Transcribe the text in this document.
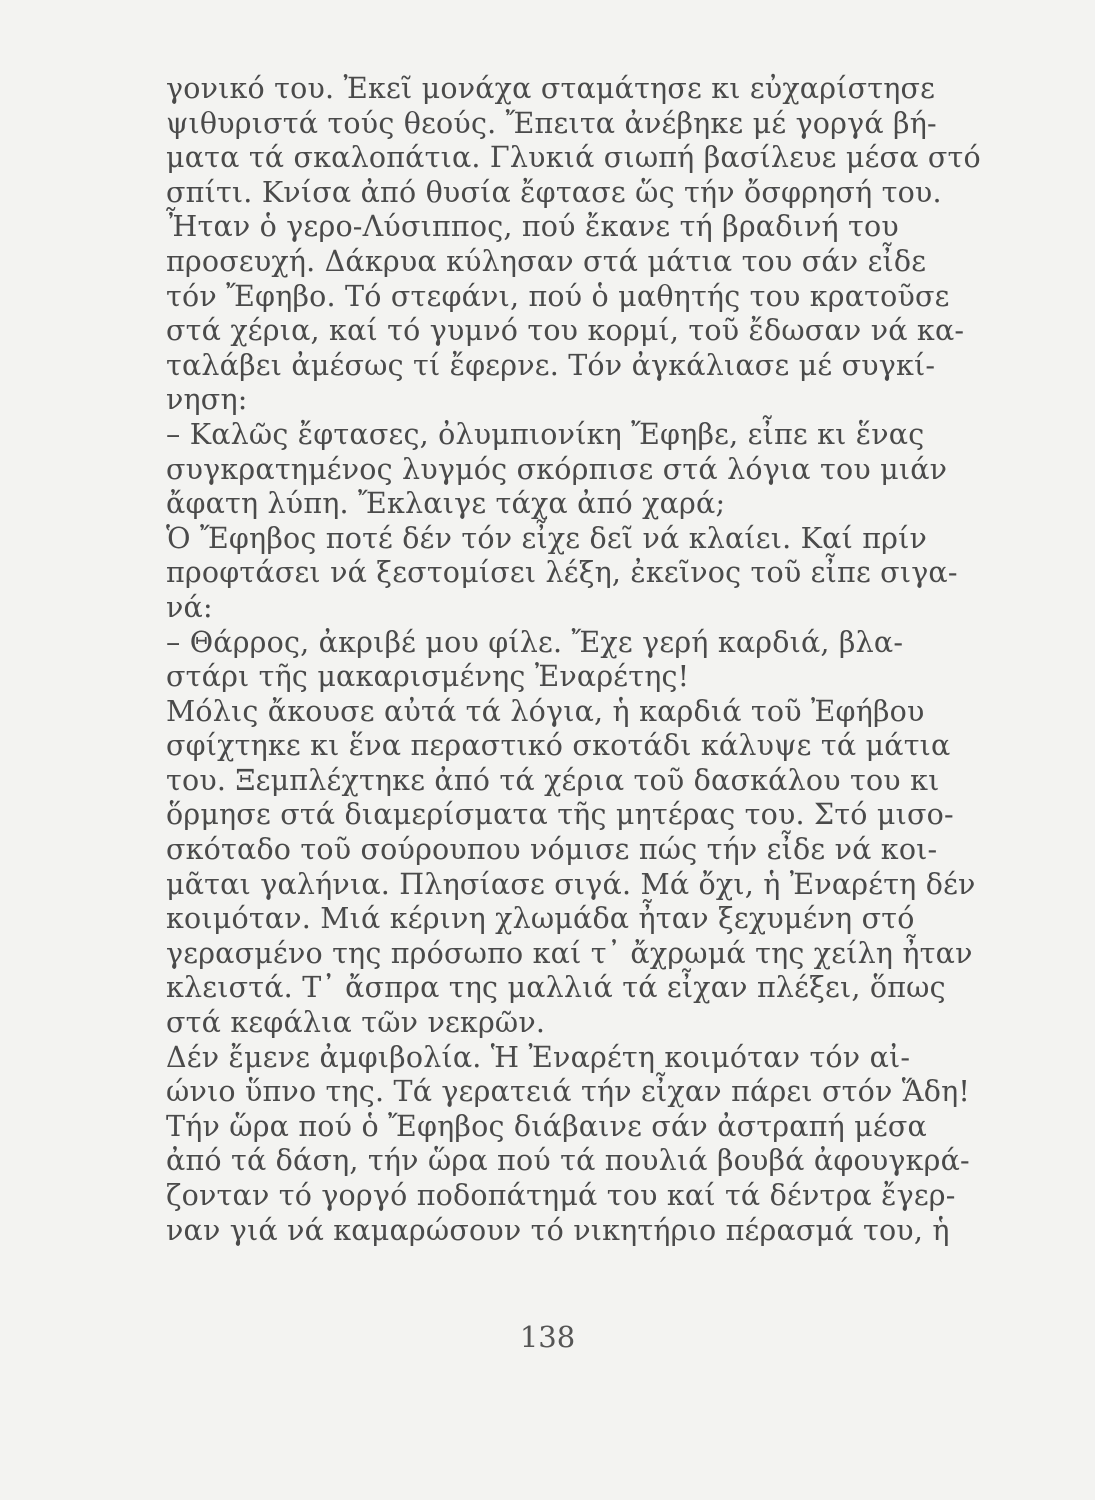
γονικό του. Ἐκεῖ μονάχα σταμάτησε κι εὐχαρίστησε
ψιθυριστά τούς θεούς. Ἔπειτα ἀνέβηκε μέ γοργά βή-
ματα τά σκαλοπάτια. Γλυκιά σιωπή βασίλευε μέσα στό
σπίτι. Κνίσα ἀπό θυσία ἔφτασε ὥς τήν ὄσφρησή του.
Ἦταν ὁ γερο-Λύσιππος, πού ἔκανε τή βραδινή του
προσευχή. Δάκρυα κύλησαν στά μάτια του σάν εἶδε
τόν Ἔφηβο. Τό στεφάνι, πού ὁ μαθητής του κρατοῦσε
στά χέρια, καί τό γυμνό του κορμί, τοῦ ἔδωσαν νά κα-
ταλάβει ἀμέσως τί ἔφερνε. Τόν ἀγκάλιασε μέ συγκί-
νηση:
– Καλῶς ἔφτασες, ὀλυμπιονίκη Ἔφηβε, εἶπε κι ἕνας
συγκρατημένος λυγμός σκόρπισε στά λόγια του μιάν
ἄφατη λύπη. Ἔκλαιγε τάχα ἀπό χαρά;
Ὁ Ἔφηβος ποτέ δέν τόν εἶχε δεῖ νά κλαίει. Καί πρίν
προφτάσει νά ξεστομίσει λέξη, ἐκεῖνος τοῦ εἶπε σιγα-
νά:
– Θάρρος, ἀκριβέ μου φίλε. Ἔχε γερή καρδιά, βλα-
στάρι τῆς μακαρισμένης Ἐναρέτης!
Μόλις ἄκουσε αὐτά τά λόγια, ἡ καρδιά τοῦ Ἐφήβου
σφίχτηκε κι ἕνα περαστικό σκοτάδι κάλυψε τά μάτια
του. Ξεμπλέχτηκε ἀπό τά χέρια τοῦ δασκάλου του κι
ὅρμησε στά διαμερίσματα τῆς μητέρας του. Στό μισο-
σκόταδο τοῦ σούρουπου νόμισε πώς τήν εἶδε νά κοι-
μᾶται γαλήνια. Πλησίασε σιγά. Μά ὄχι, ἡ Ἐναρέτη δέν
κοιμόταν. Μιά κέρινη χλωμάδα ἦταν ξεχυμένη στό
γερασμένο της πρόσωπο καί τ᾿ ἄχρωμά της χείλη ἦταν
κλειστά. Τ᾿ ἄσπρα της μαλλιά τά εἶχαν πλέξει, ὅπως
στά κεφάλια τῶν νεκρῶν.
Δέν ἔμενε ἀμφιβολία. Ἡ Ἐναρέτη κοιμόταν τόν αἰ-
ώνιο ὕπνο της. Τά γερατειά τήν εἶχαν πάρει στόν Ἅδη!
Τήν ὥρα πού ὁ Ἔφηβος διάβαινε σάν ἀστραπή μέσα
ἀπό τά δάση, τήν ὥρα πού τά πουλιά βουβά ἀφουγκρά-
ζονταν τό γοργό ποδοπάτημά του καί τά δέντρα ἔγερ-
ναν γιά νά καμαρώσουν τό νικητήριο πέρασμά του, ἡ
138
